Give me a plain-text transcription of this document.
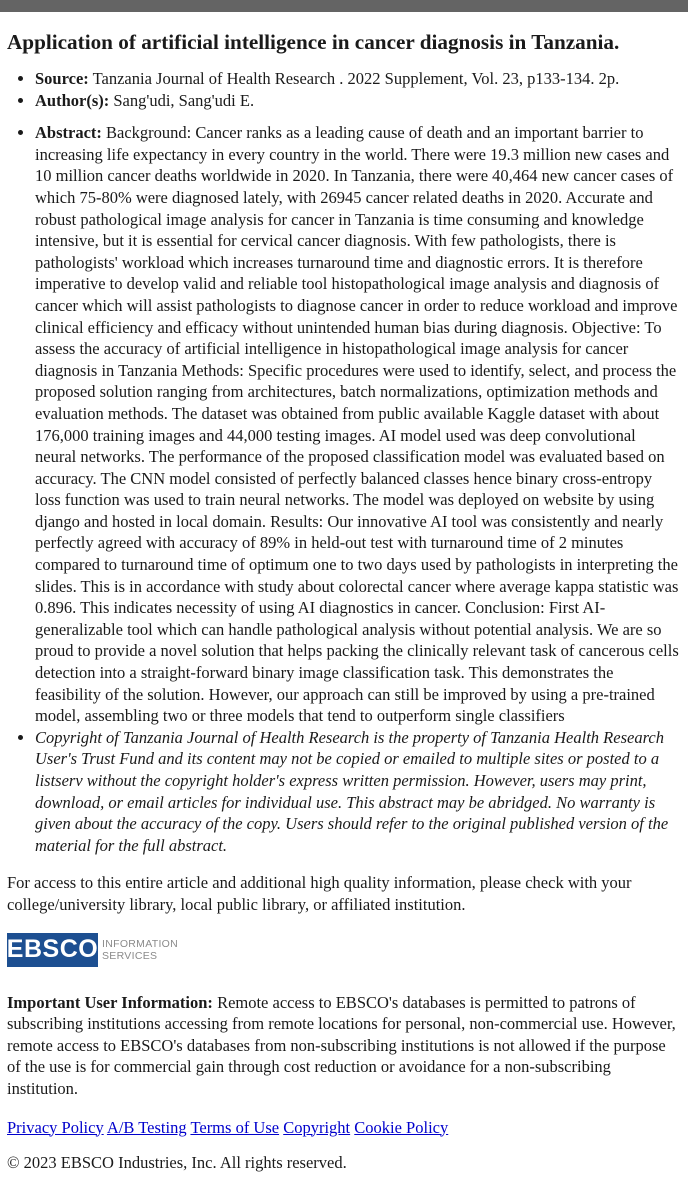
Application of artificial intelligence in cancer diagnosis in Tanzania.
• Source: Tanzania Journal of Health Research . 2022 Supplement, Vol. 23, p133-134. 2p.
• Author(s): Sang'udi, Sang'udi E.
• Abstract: Background: Cancer ranks as a leading cause of death and an important barrier to increasing life expectancy in every country in the world. There were 19.3 million new cases and 10 million cancer deaths worldwide in 2020. In Tanzania, there were 40,464 new cancer cases of which 75-80% were diagnosed lately, with 26945 cancer related deaths in 2020. Accurate and robust pathological image analysis for cancer in Tanzania is time consuming and knowledge intensive, but it is essential for cervical cancer diagnosis. With few pathologists, there is pathologists' workload which increases turnaround time and diagnostic errors. It is therefore imperative to develop valid and reliable tool histopathological image analysis and diagnosis of cancer which will assist pathologists to diagnose cancer in order to reduce workload and improve clinical efficiency and efficacy without unintended human bias during diagnosis. Objective: To assess the accuracy of artificial intelligence in histopathological image analysis for cancer diagnosis in Tanzania Methods: Specific procedures were used to identify, select, and process the proposed solution ranging from architectures, batch normalizations, optimization methods and evaluation methods. The dataset was obtained from public available Kaggle dataset with about 176,000 training images and 44,000 testing images. AI model used was deep convolutional neural networks. The performance of the proposed classification model was evaluated based on accuracy. The CNN model consisted of perfectly balanced classes hence binary cross-entropy loss function was used to train neural networks. The model was deployed on website by using django and hosted in local domain. Results: Our innovative AI tool was consistently and nearly perfectly agreed with accuracy of 89% in held-out test with turnaround time of 2 minutes compared to turnaround time of optimum one to two days used by pathologists in interpreting the slides. This is in accordance with study about colorectal cancer where average kappa statistic was 0.896. This indicates necessity of using AI diagnostics in cancer. Conclusion: First AI-generalizable tool which can handle pathological analysis without potential analysis. We are so proud to provide a novel solution that helps packing the clinically relevant task of cancerous cells detection into a straight-forward binary image classification task. This demonstrates the feasibility of the solution. However, our approach can still be improved by using a pre-trained model, assembling two or three models that tend to outperform single classifiers
• Copyright of Tanzania Journal of Health Research is the property of Tanzania Health Research User's Trust Fund and its content may not be copied or emailed to multiple sites or posted to a listserv without the copyright holder's express written permission. However, users may print, download, or email articles for individual use. This abstract may be abridged. No warranty is given about the accuracy of the copy. Users should refer to the original published version of the material for the full abstract.

For access to this entire article and additional high quality information, please check with your college/university library, local public library, or affiliated institution.

EBSCO INFORMATION
SERVICES

Important User Information: Remote access to EBSCO's databases is permitted to patrons of subscribing institutions accessing from remote locations for personal, non-commercial use. However, remote access to EBSCO's databases from non-subscribing institutions is not allowed if the purpose of the use is for commercial gain through cost reduction or avoidance for a non-subscribing institution.

Privacy Policy A/B Testing Terms of Use Copyright Cookie Policy
© 2023 EBSCO Industries, Inc. All rights reserved.
